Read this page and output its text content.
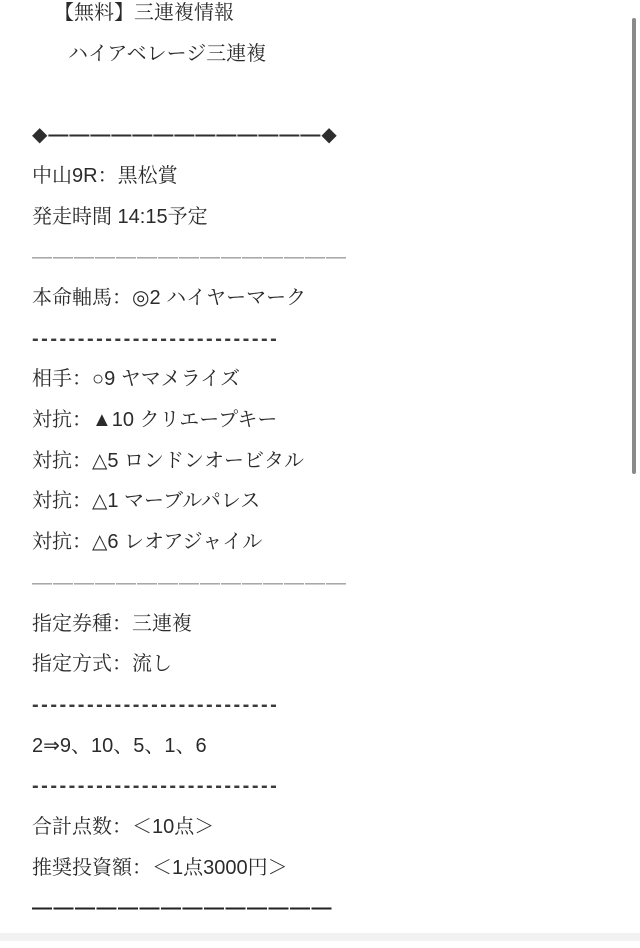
【無料】三連複情報
ハイアベレージ三連複
◆—————————————◆
中山9R：黒松賞
発走時間 14:15予定
———————————————
本命軸馬：◎2 ハイヤーマーク
---------------------------
相手：○9 ヤマメライズ
対抗：▲10 クリエープキー
対抗：△5 ロンドンオービタル
対抗：△1 マーブルパレス
対抗：△6 レオアジャイル
———————————————
指定券種：三連複
指定方式：流し
---------------------------
2⇒9、10、5、1、6
---------------------------
合計点数：＜10点＞
推奨投資額：＜1点3000円＞
——————————————
